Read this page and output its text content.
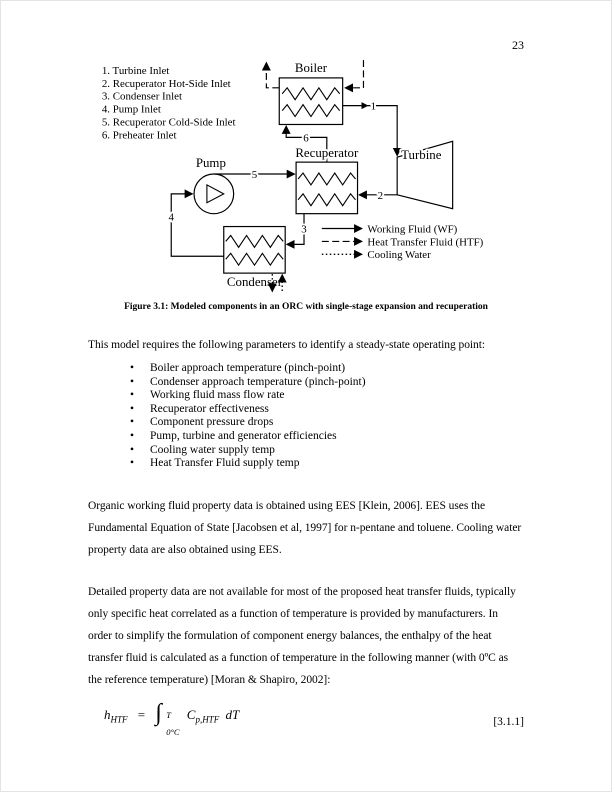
23
1. Turbine Inlet
2. Recuperator Hot-Side Inlet
3. Condenser Inlet
4. Pump Inlet
5. Recuperator Cold-Side Inlet
6. Preheater Inlet
Boiler
Turbine
Recuperator
Pump
Condenser
1
2
3
4
5
6
Working Fluid (WF)
Heat Transfer Fluid (HTF)
Cooling Water
Figure 3.1: Modeled components in an ORC with single-stage expansion and recuperation

This model requires the following parameters to identify a steady-state operating point:

• Boiler approach temperature (pinch-point)
• Condenser approach temperature (pinch-point)
• Working fluid mass flow rate
• Recuperator effectiveness
• Component pressure drops
• Pump, turbine and generator efficiencies
• Cooling water supply temp
• Heat Transfer Fluid supply temp

Organic working fluid property data is obtained using EES [Klein, 2006]. EES uses the Fundamental Equation of State [Jacobsen et al, 1997] for n-pentane and toluene. Cooling water property data are also obtained using EES.

Detailed property data are not available for most of the proposed heat transfer fluids, typically only specific heat correlated as a function of temperature is provided by manufacturers. In order to simplify the formulation of component energy balances, the enthalpy of the heat transfer fluid is calculated as a function of temperature in the following manner (with 0ºC as the reference temperature) [Moran & Shapiro, 2002]:

$h_{HTF}$ = ∫ T
0°C
$C_{p,HTF}$ dT
[3.1.1]
